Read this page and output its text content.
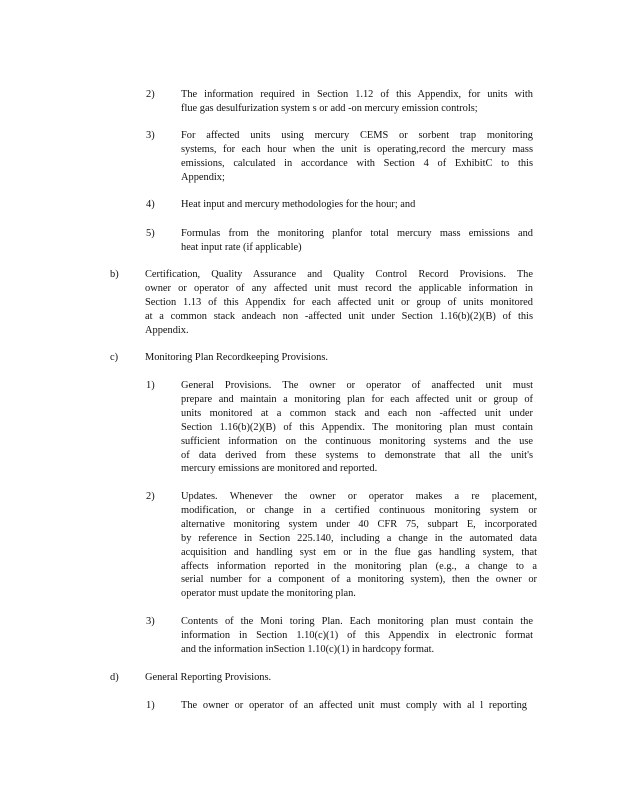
2)	The information required in Section 1.12 of this Appendix, for units with
flue gas desulfurization system s or add -on mercury emission controls;
3)	For affected units using mercury CEMS or sorbent trap monitoring
systems, for each hour when the unit is operating,record the mercury mass
emissions, calculated in accordance with Section 4 of ExhibitC to this
Appendix;
4)	Heat input and mercury methodologies for the hour; and
5)	Formulas from the monitoring planfor total mercury mass emissions and
heat input rate (if applicable)
b)	Certification, Quality Assurance and Quality Control Record Provisions. The
owner or operator of any affected unit must record the applicable information in
Section 1.13 of this Appendix for each affected unit or group of units monitored
at a common stack andeach non -affected unit under Section 1.16(b)(2)(B) of this
Appendix.
c)	Monitoring Plan Recordkeeping Provisions.
1)	General Provisions. The owner or operator of anaffected unit must
prepare and maintain a monitoring plan for each affected unit or group of
units monitored at a common stack and each non -affected unit under
Section 1.16(b)(2)(B) of this Appendix. The monitoring plan must contain
sufficient information on the continuous monitoring systems and the use
of data derived from these systems to demonstrate that all the unit's
mercury emissions are monitored and reported.
2)	Updates. Whenever the owner or operator makes a re placement,
modification, or change in a certified continuous monitoring system or
alternative monitoring system under 40 CFR 75, subpart E, incorporated
by reference in Section 225.140, including a change in the automated data
acquisition and handling syst em or in the flue gas handling system, that
affects information reported in the monitoring plan (e.g., a change to a
serial number for a component of a monitoring system), then the owner or
operator must update the monitoring plan.
3)	Contents of the Moni toring Plan. Each monitoring plan must contain the
information in Section 1.10(c)(1) of this Appendix in electronic format
and the information inSection 1.10(c)(1) in hardcopy format.
d)	General Reporting Provisions.
1)	The owner or operator of an affected unit must comply with al l reporting
